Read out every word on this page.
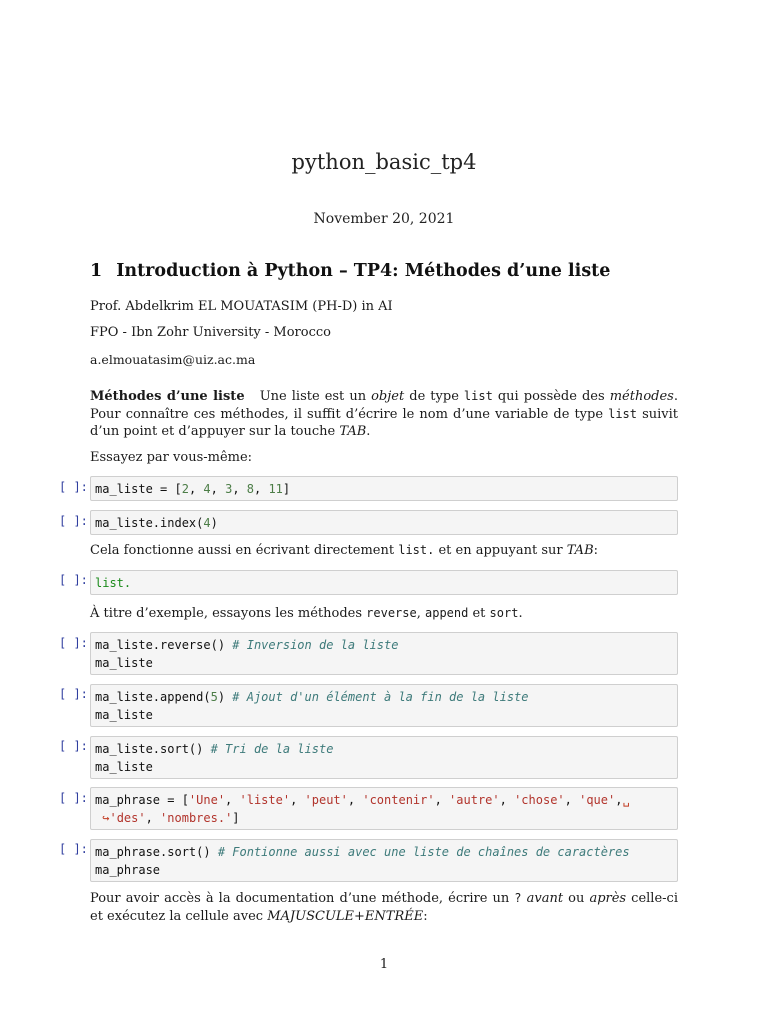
python_basic_tp4
November 20, 2021
1 Introduction à Python – TP4: Méthodes d’une liste
Prof. Abdelkrim EL MOUATASIM (PH-D) in AI
FPO - Ibn Zohr University - Morocco
a.elmouatasim@uiz.ac.ma
Méthodes d’une liste Une liste est un objet de type list qui possède des méthodes. Pour connaître ces méthodes, il suffit d’écrire le nom d’une variable de type list suivit d’un point et d’appuyer sur la touche TAB.
Essayez par vous-même:
[ ]: ma_liste = [2, 4, 3, 8, 11]
[ ]: ma_liste.index(4)
Cela fonctionne aussi en écrivant directement list. et en appuyant sur TAB:
[ ]: list.
À titre d’exemple, essayons les méthodes reverse, append et sort.
[ ]: ma_liste.reverse() # Inversion de la liste
ma_liste
[ ]: ma_liste.append(5) # Ajout d'un élément à la fin de la liste
ma_liste
[ ]: ma_liste.sort() # Tri de la liste
ma_liste
[ ]: ma_phrase = ['Une', 'liste', 'peut', 'contenir', 'autre', 'chose', 'que',␣
↪'des', 'nombres.']
[ ]: ma_phrase.sort() # Fontionne aussi avec une liste de chaînes de caractères
ma_phrase
Pour avoir accès à la documentation d’une méthode, écrire un ? avant ou après celle-ci et exécutez la cellule avec MAJUSCULE+ENTRÉE:
1
